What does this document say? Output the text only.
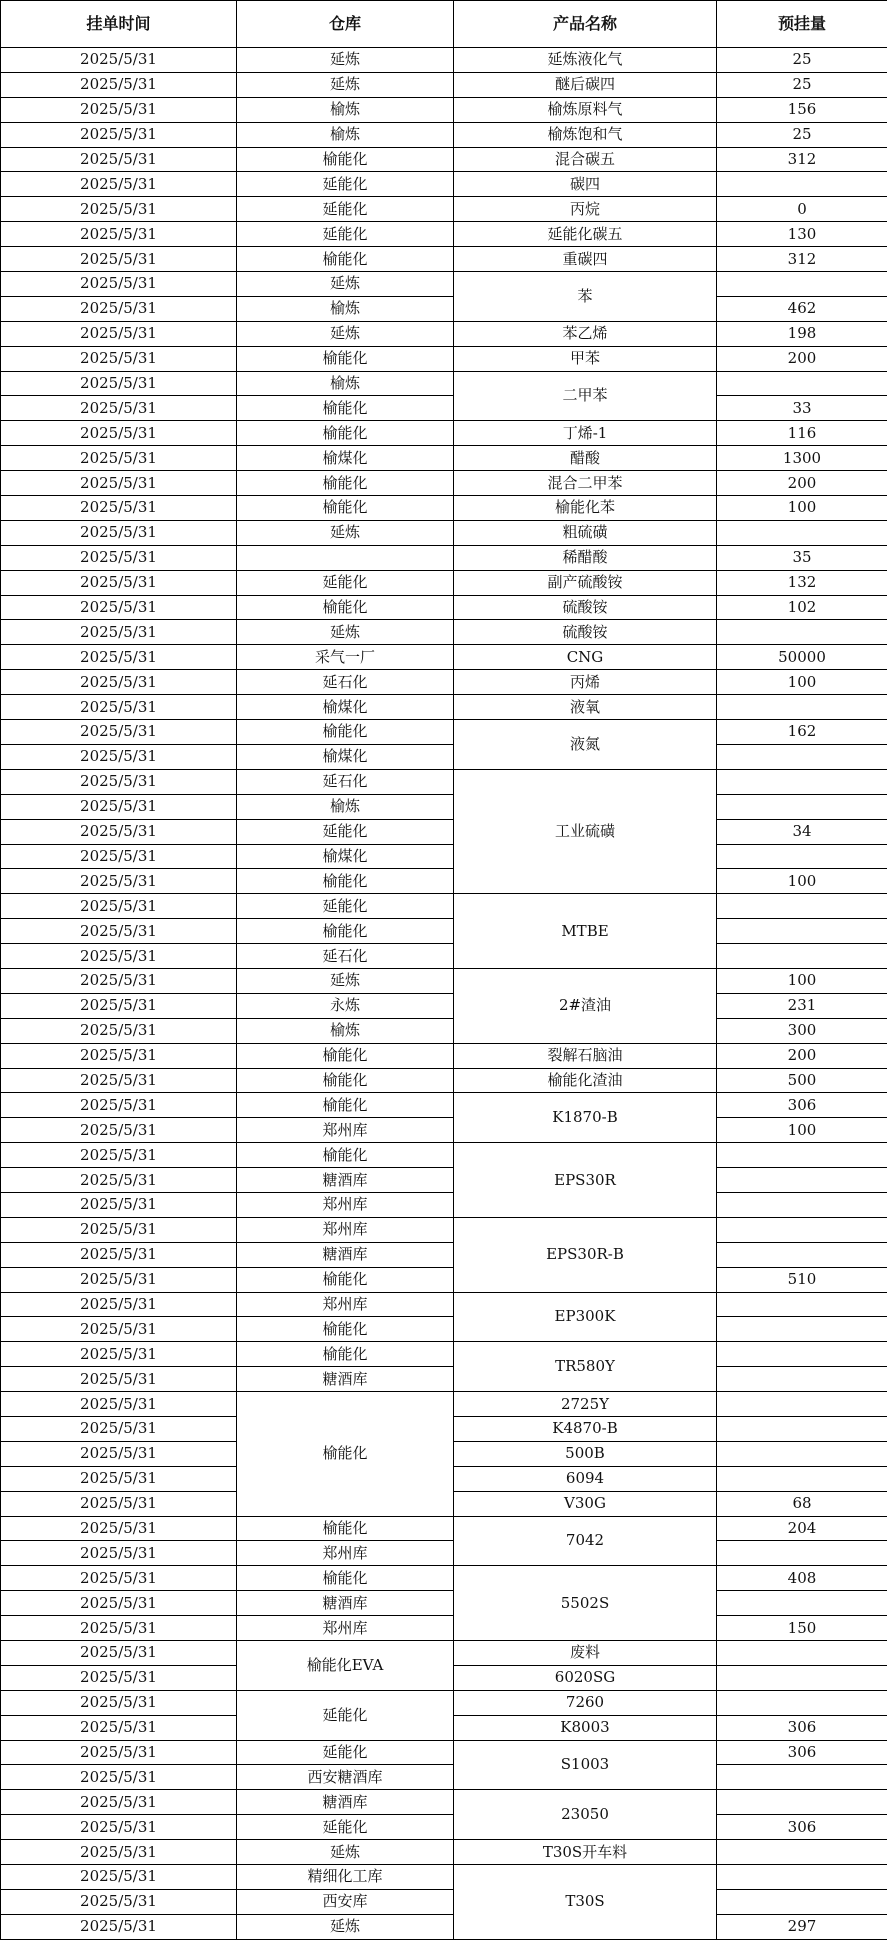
挂单时间	仓库	产品名称	预挂量
2025/5/31	延炼	延炼液化气	25
2025/5/31	延炼	醚后碳四	25
2025/5/31	榆炼	榆炼原料气	156
2025/5/31	榆炼	榆炼饱和气	25
2025/5/31	榆能化	混合碳五	312
2025/5/31	延能化	碳四	
2025/5/31	延能化	丙烷	0
2025/5/31	延能化	延能化碳五	130
2025/5/31	榆能化	重碳四	312
2025/5/31	延炼	苯	
2025/5/31	榆炼		462
2025/5/31	延炼	苯乙烯	198
2025/5/31	榆能化	甲苯	200
2025/5/31	榆炼	二甲苯	
2025/5/31	榆能化		33
2025/5/31	榆能化	丁烯-1	116
2025/5/31	榆煤化	醋酸	1300
2025/5/31	榆能化	混合二甲苯	200
2025/5/31	榆能化	榆能化苯	100
2025/5/31	延炼	粗硫磺	
2025/5/31		稀醋酸	35
2025/5/31	延能化	副产硫酸铵	132
2025/5/31	榆能化	硫酸铵	102
2025/5/31	延炼	硫酸铵	
2025/5/31	采气一厂	CNG	50000
2025/5/31	延石化	丙烯	100
2025/5/31	榆煤化	液氧	
2025/5/31	榆能化	液氮	162
2025/5/31	榆煤化		
2025/5/31	延石化	工业硫磺	
2025/5/31	榆炼		
2025/5/31	延能化		34
2025/5/31	榆煤化		
2025/5/31	榆能化		100
2025/5/31	延能化	MTBE	
2025/5/31	榆能化		
2025/5/31	延石化		
2025/5/31	延炼	2#渣油	100
2025/5/31	永炼		231
2025/5/31	榆炼		300
2025/5/31	榆能化	裂解石脑油	200
2025/5/31	榆能化	榆能化渣油	500
2025/5/31	榆能化	K1870-B	306
2025/5/31	郑州库		100
2025/5/31	榆能化	EPS30R	
2025/5/31	糖酒库		
2025/5/31	郑州库		
2025/5/31	郑州库	EPS30R-B	
2025/5/31	糖酒库		
2025/5/31	榆能化		510
2025/5/31	郑州库	EP300K	
2025/5/31	榆能化		
2025/5/31	榆能化	TR580Y	
2025/5/31	糖酒库		
2025/5/31	榆能化	2725Y	
2025/5/31		K4870-B	
2025/5/31		500B	
2025/5/31		6094	
2025/5/31		V30G	68
2025/5/31	榆能化	7042	204
2025/5/31	郑州库		
2025/5/31	榆能化	5502S	408
2025/5/31	糖酒库		
2025/5/31	郑州库		150
2025/5/31	榆能化EVA	废料	
2025/5/31		6020SG	
2025/5/31	延能化	7260	
2025/5/31		K8003	306
2025/5/31	延能化	S1003	306
2025/5/31	西安糖酒库		
2025/5/31	糖酒库	23050	
2025/5/31	延能化		306
2025/5/31	延炼	T30S开车料	
2025/5/31	精细化工库	T30S	
2025/5/31	西安库		
2025/5/31	延炼		297
